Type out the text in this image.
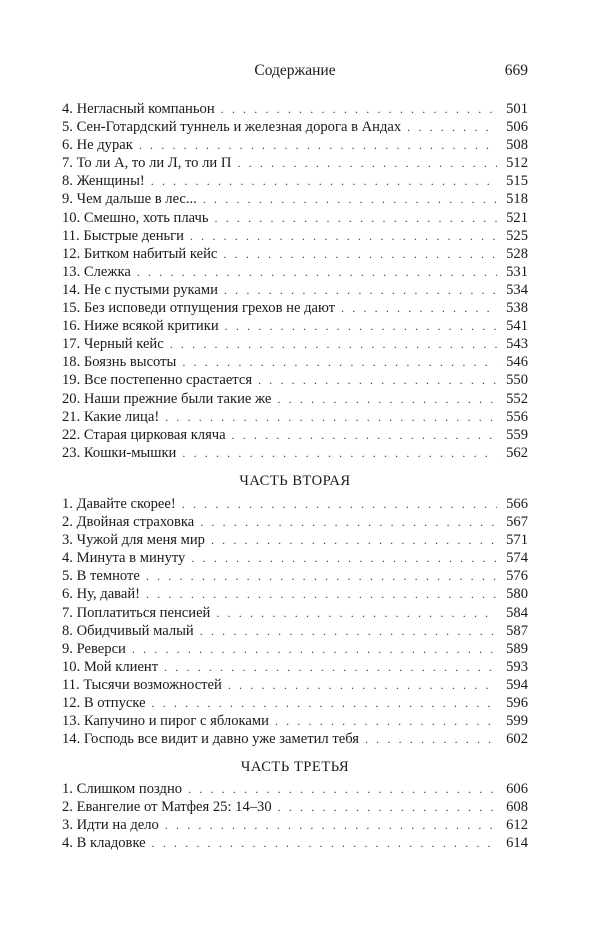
Содержание	669
4. Негласный компаньон . . .	501
5. Сен-Готардский туннель и железная дорога в Андах . . .	506
6. Не дурак . . .	508
7. То ли А, то ли Л, то ли П . . .	512
8. Женщины! . . .	515
9. Чем дальше в лес... . . .	518
10. Смешно, хоть плачь . . .	521
11. Быстрые деньги . . .	525
12. Битком набитый кейс . . .	528
13. Слежка . . .	531
14. Не с пустыми руками . . .	534
15. Без исповеди отпущения грехов не дают . . .	538
16. Ниже всякой критики . . .	541
17. Черный кейс . . .	543
18. Боязнь высоты . . .	546
19. Все постепенно срастается . . .	550
20. Наши прежние были такие же . . .	552
21. Какие лица! . . .	556
22. Старая цирковая кляча . . .	559
23. Кошки-мышки . . .	562
ЧАСТЬ ВТОРАЯ
1. Давайте скорее! . . .	566
2. Двойная страховка . . .	567
3. Чужой для меня мир . . .	571
4. Минута в минуту . . .	574
5. В темноте . . .	576
6. Ну, давай! . . .	580
7. Поплатиться пенсией . . .	584
8. Обидчивый малый . . .	587
9. Реверси . . .	589
10. Мой клиент . . .	593
11. Тысячи возможностей . . .	594
12. В отпуске . . .	596
13. Капучино и пирог с яблоками . . .	599
14. Господь все видит и давно уже заметил тебя . . .	602
ЧАСТЬ ТРЕТЬЯ
1. Слишком поздно . . .	606
2. Евангелие от Матфея 25: 14–30 . . .	608
3. Идти на дело . . .	612
4. В кладовке . . .	614
